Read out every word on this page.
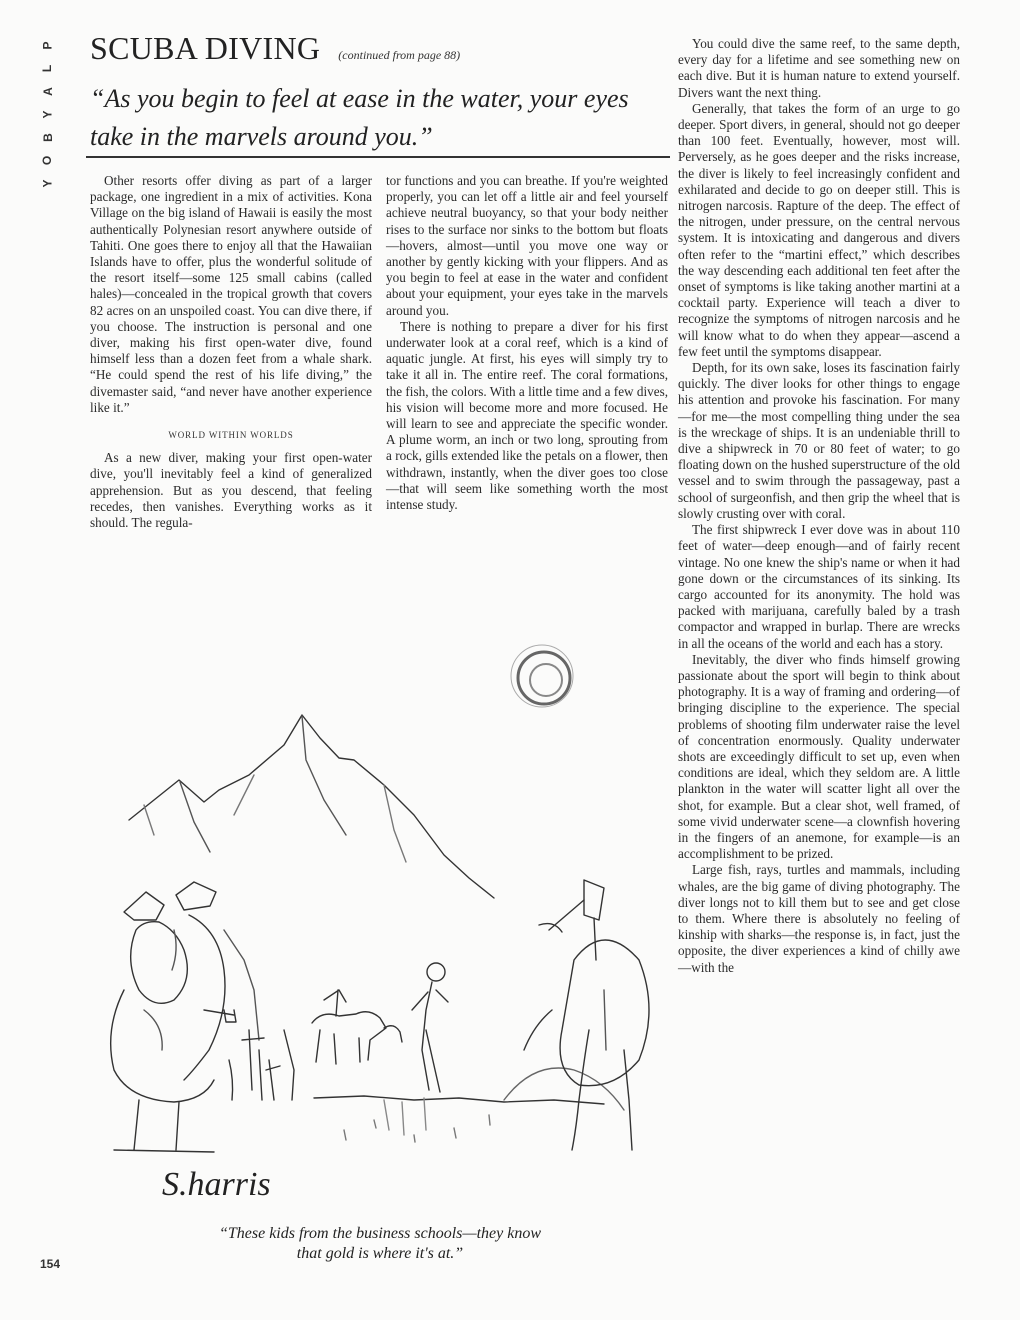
P
L
A
Y
B
O
Y
SCUBA DIVING (continued from page 88)
“As you begin to feel at ease in the water, your eyes take in the marvels around you.”

Other resorts offer diving as part of a larger package, one ingredient in a mix of activities. Kona Village on the big island of Hawaii is easily the most authentically Polynesian resort anywhere outside of Tahiti. One goes there to enjoy all that the Hawaiian Islands have to offer, plus the wonderful solitude of the resort itself—some 125 small cabins (called hales)—concealed in the tropical growth that covers 82 acres on an unspoiled coast. You can dive there, if you choose. The instruction is personal and one diver, making his first open-water dive, found himself less than a dozen feet from a whale shark. “He could spend the rest of his life diving,” the divemaster said, “and never have another experience like it.”

WORLD WITHIN WORLDS

As a new diver, making your first open-water dive, you'll inevitably feel a kind of generalized apprehension. But as you descend, that feeling recedes, then vanishes. Everything works as it should. The regula-

tor functions and you can breathe. If you're weighted properly, you can let off a little air and feel yourself achieve neutral buoyancy, so that your body neither rises to the surface nor sinks to the bottom but floats—hovers, almost—until you move one way or another by gently kicking with your flippers. And as you begin to feel at ease in the water and confident about your equipment, your eyes take in the marvels around you.

There is nothing to prepare a diver for his first underwater look at a coral reef, which is a kind of aquatic jungle. At first, his eyes will simply try to take it all in. The entire reef. The coral formations, the fish, the colors. With a little time and a few dives, his vision will become more and more focused. He will learn to see and appreciate the specific wonder. A plume worm, an inch or two long, sprouting from a rock, gills extended like the petals on a flower, then withdrawn, instantly, when the diver goes too close—that will seem like something worth the most intense study.

You could dive the same reef, to the same depth, every day for a lifetime and see something new on each dive. But it is human nature to extend yourself. Divers want the next thing.

Generally, that takes the form of an urge to go deeper. Sport divers, in general, should not go deeper than 100 feet. Eventually, however, most will. Perversely, as he goes deeper and the risks increase, the diver is likely to feel increasingly confident and exhilarated and decide to go on deeper still. This is nitrogen narcosis. Rapture of the deep. The effect of the nitrogen, under pressure, on the central nervous system. It is intoxicating and dangerous and divers often refer to the “martini effect,” which describes the way descending each additional ten feet after the onset of symptoms is like taking another martini at a cocktail party. Experience will teach a diver to recognize the symptoms of nitrogen narcosis and he will know what to do when they appear—ascend a few feet until the symptoms disappear.

Depth, for its own sake, loses its fascination fairly quickly. The diver looks for other things to engage his attention and provoke his fascination. For many—for me—the most compelling thing under the sea is the wreckage of ships. It is an undeniable thrill to dive a shipwreck in 70 or 80 feet of water; to go floating down on the hushed superstructure of the old vessel and to swim through the passageway, past a school of surgeonfish, and then grip the wheel that is slowly crusting over with coral.

The first shipwreck I ever dove was in about 110 feet of water—deep enough—and of fairly recent vintage. No one knew the ship's name or when it had gone down or the circumstances of its sinking. Its cargo accounted for its anonymity. The hold was packed with marijuana, carefully baled by a trash compactor and wrapped in burlap. There are wrecks in all the oceans of the world and each has a story.

Inevitably, the diver who finds himself growing passionate about the sport will begin to think about photography. It is a way of framing and ordering—of bringing discipline to the experience. The special problems of shooting film underwater raise the level of concentration enormously. Quality underwater shots are exceedingly difficult to set up, even when conditions are ideal, which they seldom are. A little plankton in the water will scatter light all over the shot, for example. But a clear shot, well framed, of some vivid underwater scene—a clownfish hovering in the fingers of an anemone, for example—is an accomplishment to be prized.

Large fish, rays, turtles and mammals, including whales, are the big game of diving photography. The diver longs not to kill them but to see and get close to them. Where there is absolutely no feeling of kinship with sharks—the response is, in fact, just the opposite, the diver experiences a kind of chilly awe—with the

S.harris
“These kids from the business schools—they know
that gold is where it's at.”
154
